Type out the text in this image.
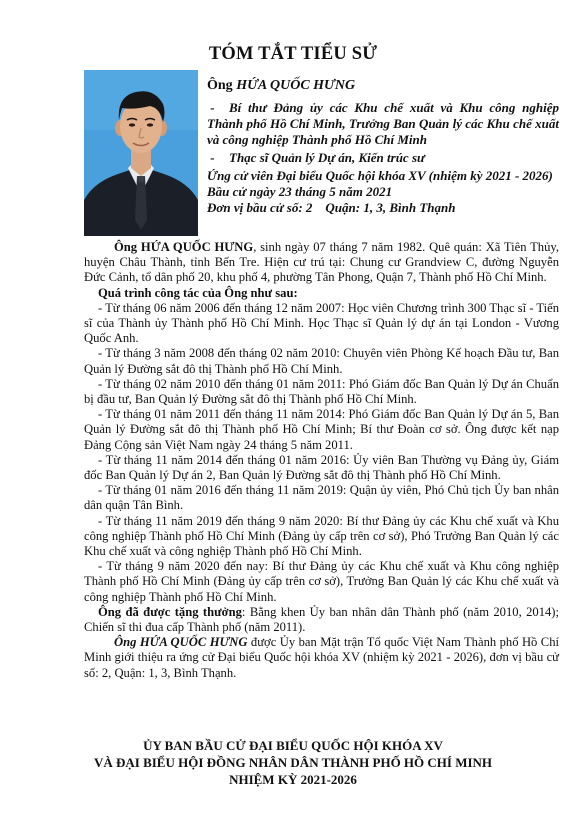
TÓM TẮT TIỂU SỬ
Ông HỨA QUỐC HƯNG
- Bí thư Đảng ủy các Khu chế xuất và Khu công nghiệp Thành phố Hồ Chí Minh, Trưởng Ban Quản lý các Khu chế xuất và công nghiệp Thành phố Hồ Chí Minh
- Thạc sĩ Quản lý Dự án, Kiến trúc sư
Ứng cử viên Đại biểu Quốc hội khóa XV (nhiệm kỳ 2021 - 2026)
Bầu cử ngày 23 tháng 5 năm 2021
Đơn vị bầu cử số: 2    Quận: 1, 3, Bình Thạnh

Ông HỨA QUỐC HƯNG, sinh ngày 07 tháng 7 năm 1982. Quê quán: Xã Tiên Thủy, huyện Châu Thành, tỉnh Bến Tre. Hiện cư trú tại: Chung cư Grandview C, đường Nguyễn Đức Cảnh, tổ dân phố 20, khu phố 4, phường Tân Phong, Quận 7, Thành phố Hồ Chí Minh.

Quá trình công tác của Ông như sau:

- Từ tháng 06 năm 2006 đến tháng 12 năm 2007: Học viên Chương trình 300 Thạc sĩ - Tiến sĩ của Thành ủy Thành phố Hồ Chí Minh. Học Thạc sĩ Quản lý dự án tại London - Vương Quốc Anh.

- Từ tháng 3 năm 2008 đến tháng 02 năm 2010: Chuyên viên Phòng Kế hoạch Đầu tư, Ban Quản lý Đường sắt đô thị Thành phố Hồ Chí Minh.

- Từ tháng 02 năm 2010 đến tháng 01 năm 2011: Phó Giám đốc Ban Quản lý Dự án Chuẩn bị đầu tư, Ban Quản lý Đường sắt đô thị Thành phố Hồ Chí Minh.

- Từ tháng 01 năm 2011 đến tháng 11 năm 2014: Phó Giám đốc Ban Quản lý Dự án 5, Ban Quản lý Đường sắt đô thị Thành phố Hồ Chí Minh; Bí thư Đoàn cơ sở. Ông được kết nạp Đảng Cộng sản Việt Nam ngày 24 tháng 5 năm 2011.

- Từ tháng 11 năm 2014 đến tháng 01 năm 2016: Ủy viên Ban Thường vụ Đảng ủy, Giám đốc Ban Quản lý Dự án 2, Ban Quản lý Đường sắt đô thị Thành phố Hồ Chí Minh.

- Từ tháng 01 năm 2016 đến tháng 11 năm 2019: Quận ủy viên, Phó Chủ tịch Ủy ban nhân dân quận Tân Bình.

- Từ tháng 11 năm 2019 đến tháng 9 năm 2020: Bí thư Đảng ủy các Khu chế xuất và Khu công nghiệp Thành phố Hồ Chí Minh (Đảng ủy cấp trên cơ sở), Phó Trưởng Ban Quản lý các Khu chế xuất và công nghiệp Thành phố Hồ Chí Minh.

- Từ tháng 9 năm 2020 đến nay: Bí thư Đảng ủy các Khu chế xuất và Khu công nghiệp Thành phố Hồ Chí Minh (Đảng ủy cấp trên cơ sở), Trưởng Ban Quản lý các Khu chế xuất và công nghiệp Thành phố Hồ Chí Minh.

Ông đã được tặng thưởng: Bằng khen Ủy ban nhân dân Thành phố (năm 2010, 2014); Chiến sĩ thi đua cấp Thành phố (năm 2011).

Ông HỨA QUỐC HƯNG được Ủy ban Mặt trận Tổ quốc Việt Nam Thành phố Hồ Chí Minh giới thiệu ra ứng cử Đại biểu Quốc hội khóa XV (nhiệm kỳ 2021 - 2026), đơn vị bầu cử số: 2, Quận: 1, 3, Bình Thạnh.

ỦY BAN BẦU CỬ ĐẠI BIỂU QUỐC HỘI KHÓA XV
VÀ ĐẠI BIỂU HỘI ĐỒNG NHÂN DÂN THÀNH PHỐ HỒ CHÍ MINH
NHIỆM KỲ 2021-2026
